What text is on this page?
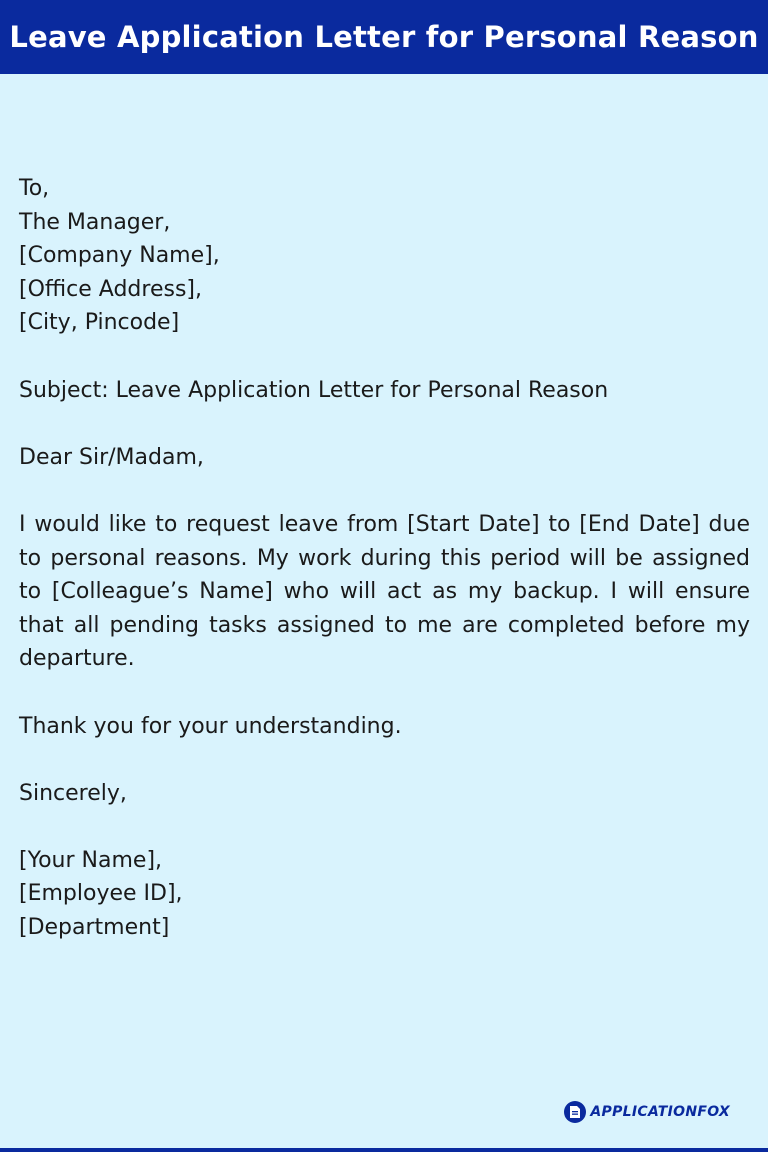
Leave Application Letter for Personal Reason

To,

The Manager,

[Company Name],

[Office Address],

[City, Pincode]

Subject: Leave Application Letter for Personal Reason

Dear Sir/Madam,

I would like to request leave from [Start Date] to [End Date] due to personal reasons. My work during this period will be assigned to [Colleague’s Name] who will act as my backup. I will ensure that all pending tasks assigned to me are completed before my departure.

Thank you for your understanding.

Sincerely,

[Your Name],

[Employee ID],

[Department]

APPLICATIONFOX
